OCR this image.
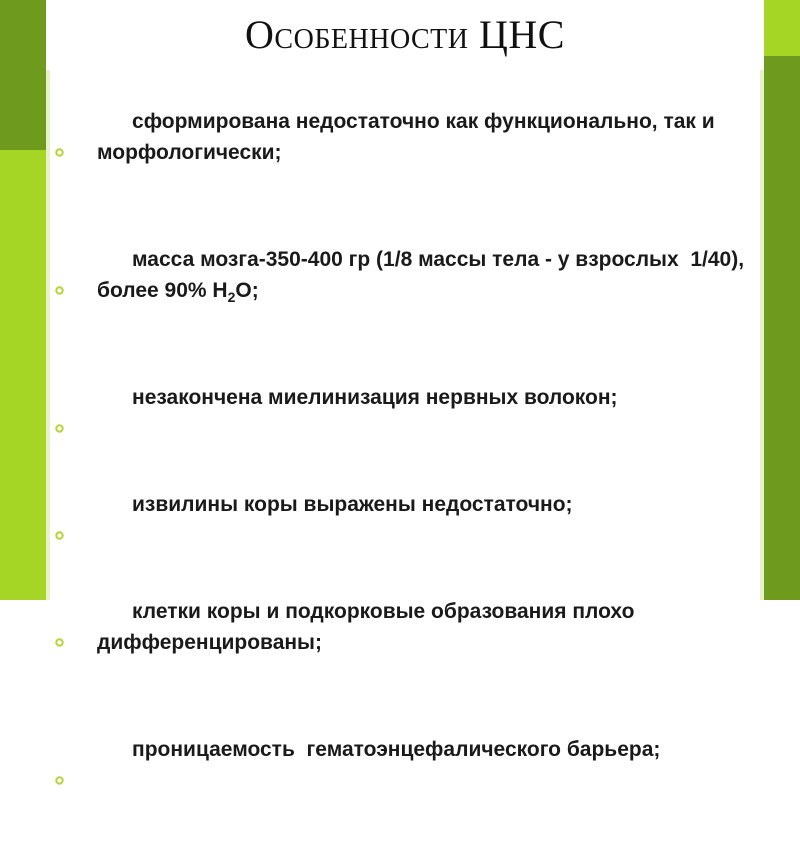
Особенности ЦНС

сформирована недостаточно как функционально, так и морфологически;

масса мозга-350-400 гр (1/8 массы тела - у взрослых  1/40), более 90% $Н_2О$;

незакончена миелинизация нервных волокон;

извилины коры выражены недостаточно;

клетки коры и подкорковые образования плохо дифференцированы;

проницаемость  гематоэнцефалического барьера;
